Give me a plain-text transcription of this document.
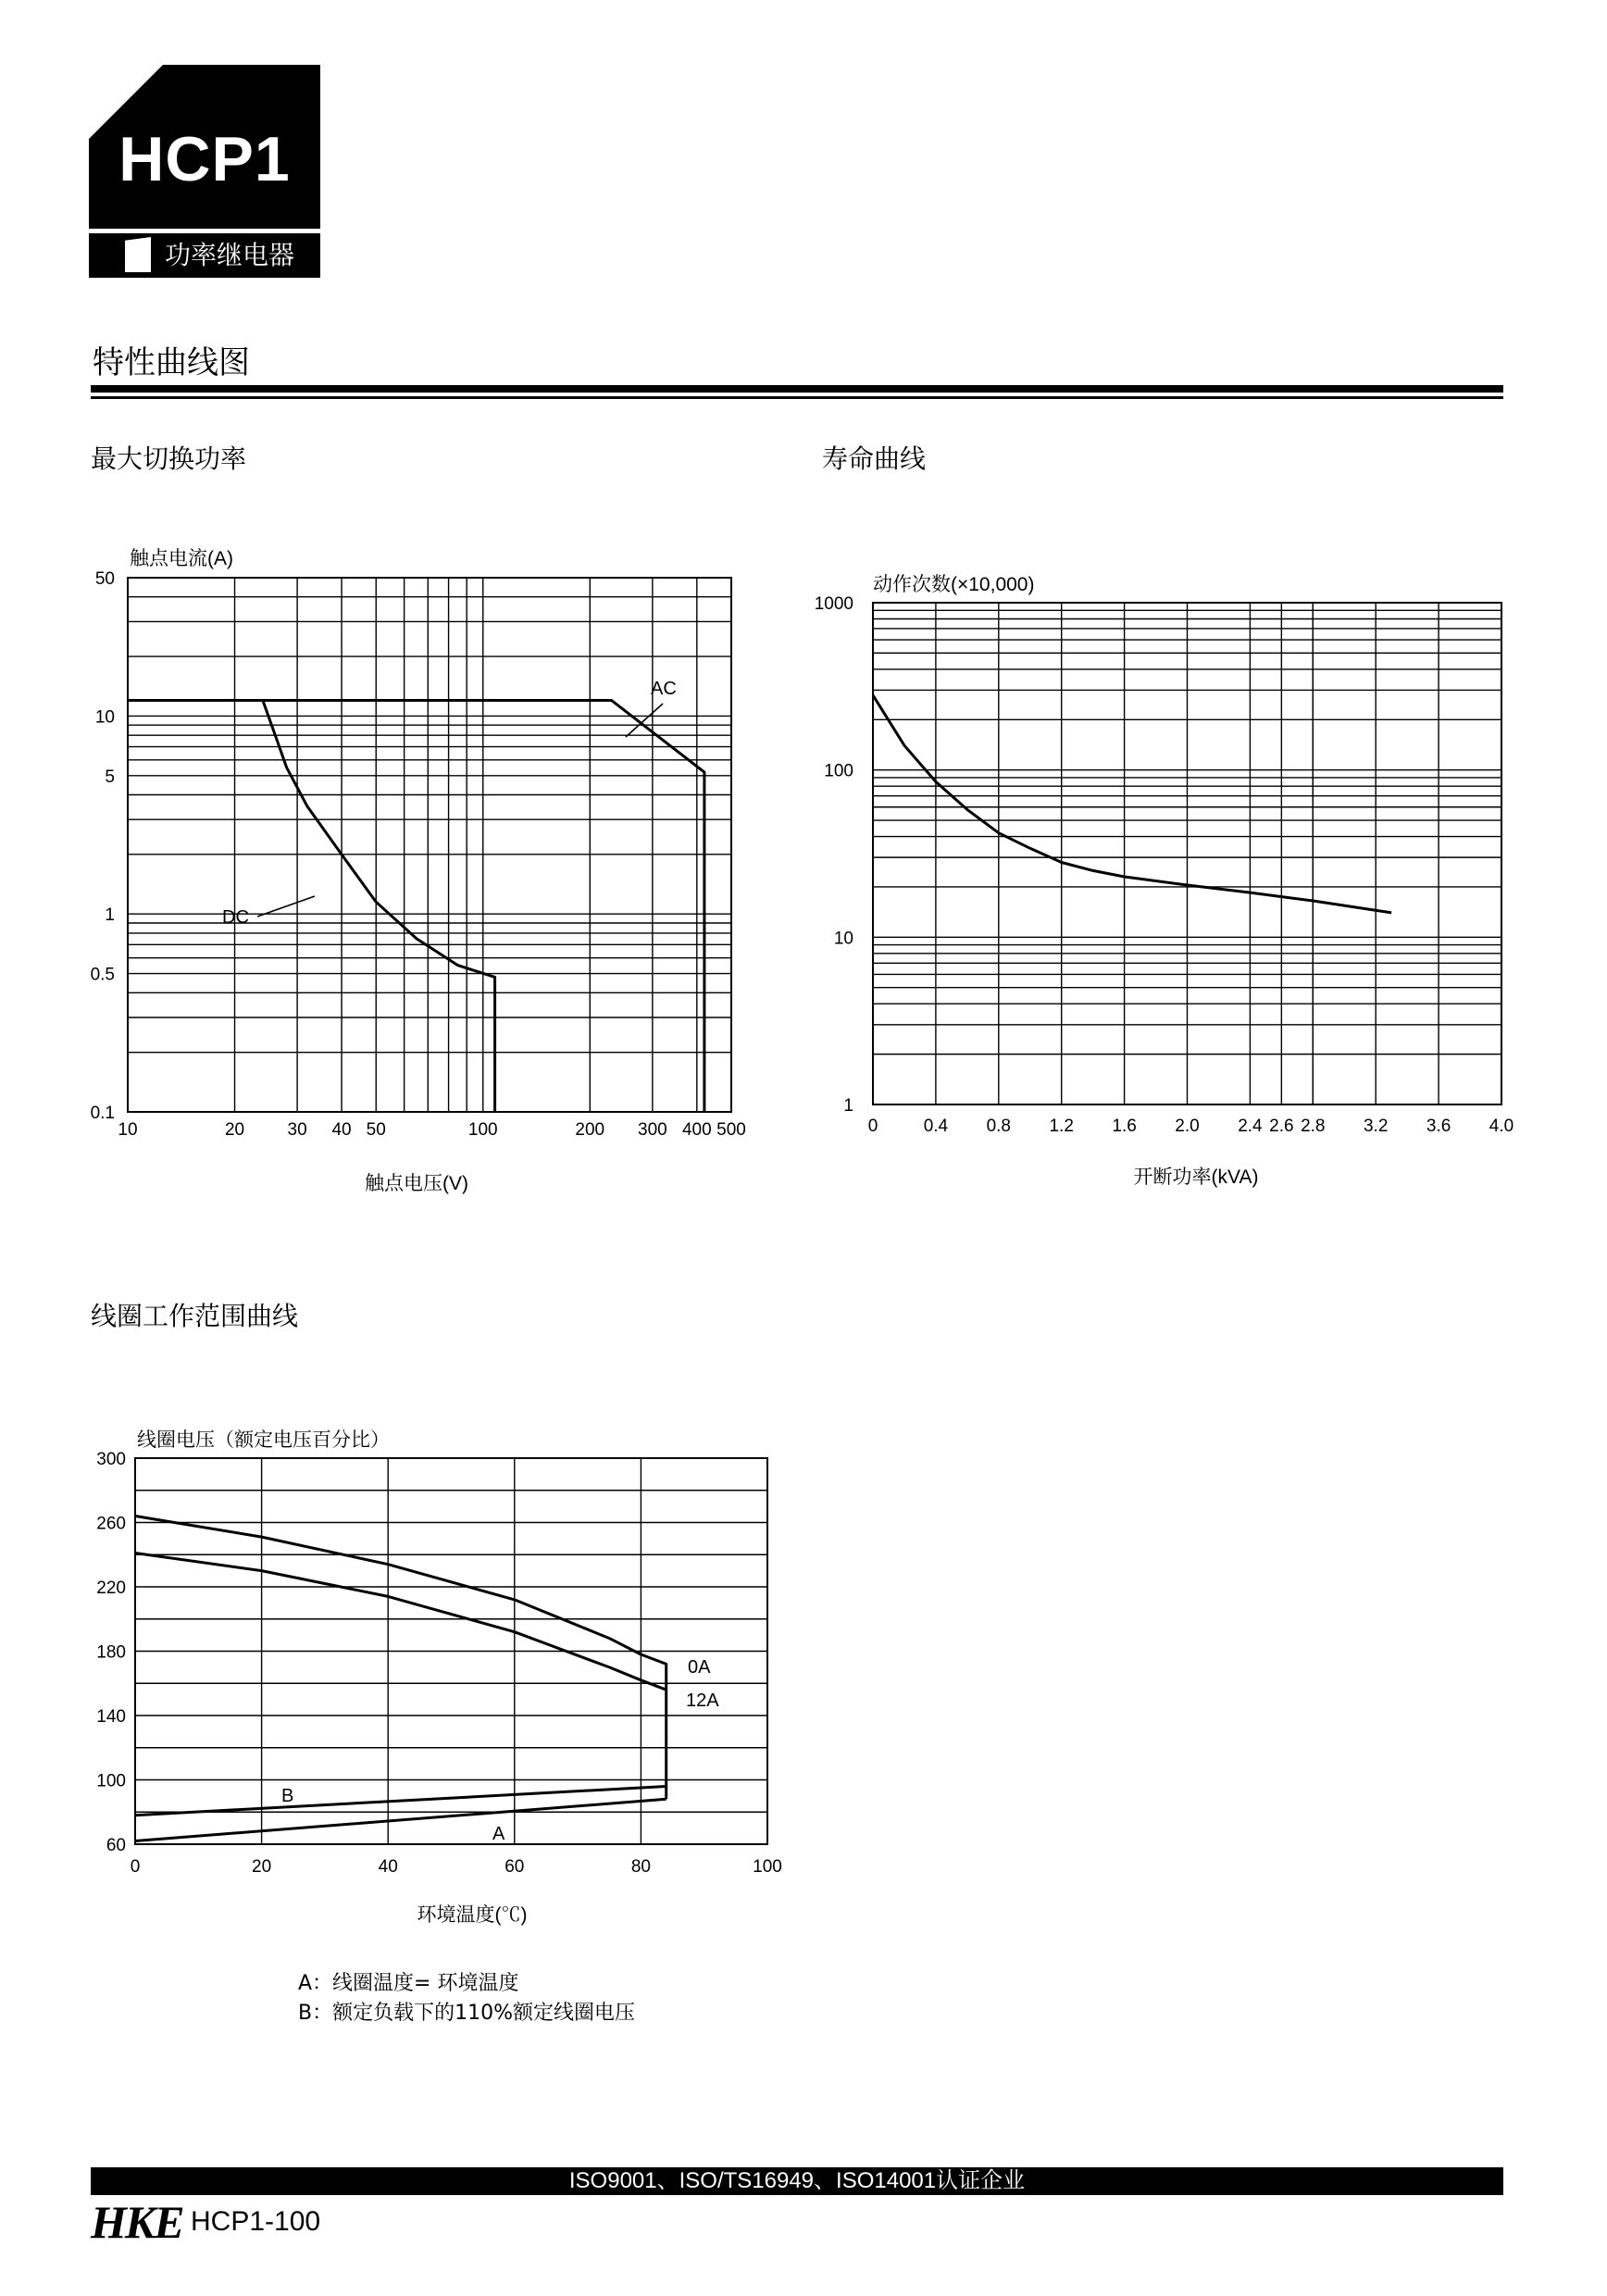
HCP1
功率继电器
特性曲线图
最大切换功率	寿命曲线
线圈工作范围曲线
10	20 30 40 50	100	200 300 400 500
0.1
0.5
1
5
10
50
触点电流(A)
触点电压(V)
AC
DC
0	0.4 0.8 1.2 1.6 2.0 2.4 2.6 2.8 3.2 3.6 4.0
1
10
100
1000
动作次数(×10,000)
开断功率(kVA)
0	20	40	60	80	100
60
100
140
180
220
260
300
线圈电压（额定电压百分比）
环境温度(℃)
0A
12A
B
A
A：线圈温度= 环境温度
B：额定负载下的110%额定线圈电压
ISO9001、ISO/TS16949、ISO14001认证企业
HKE HCP1-100
